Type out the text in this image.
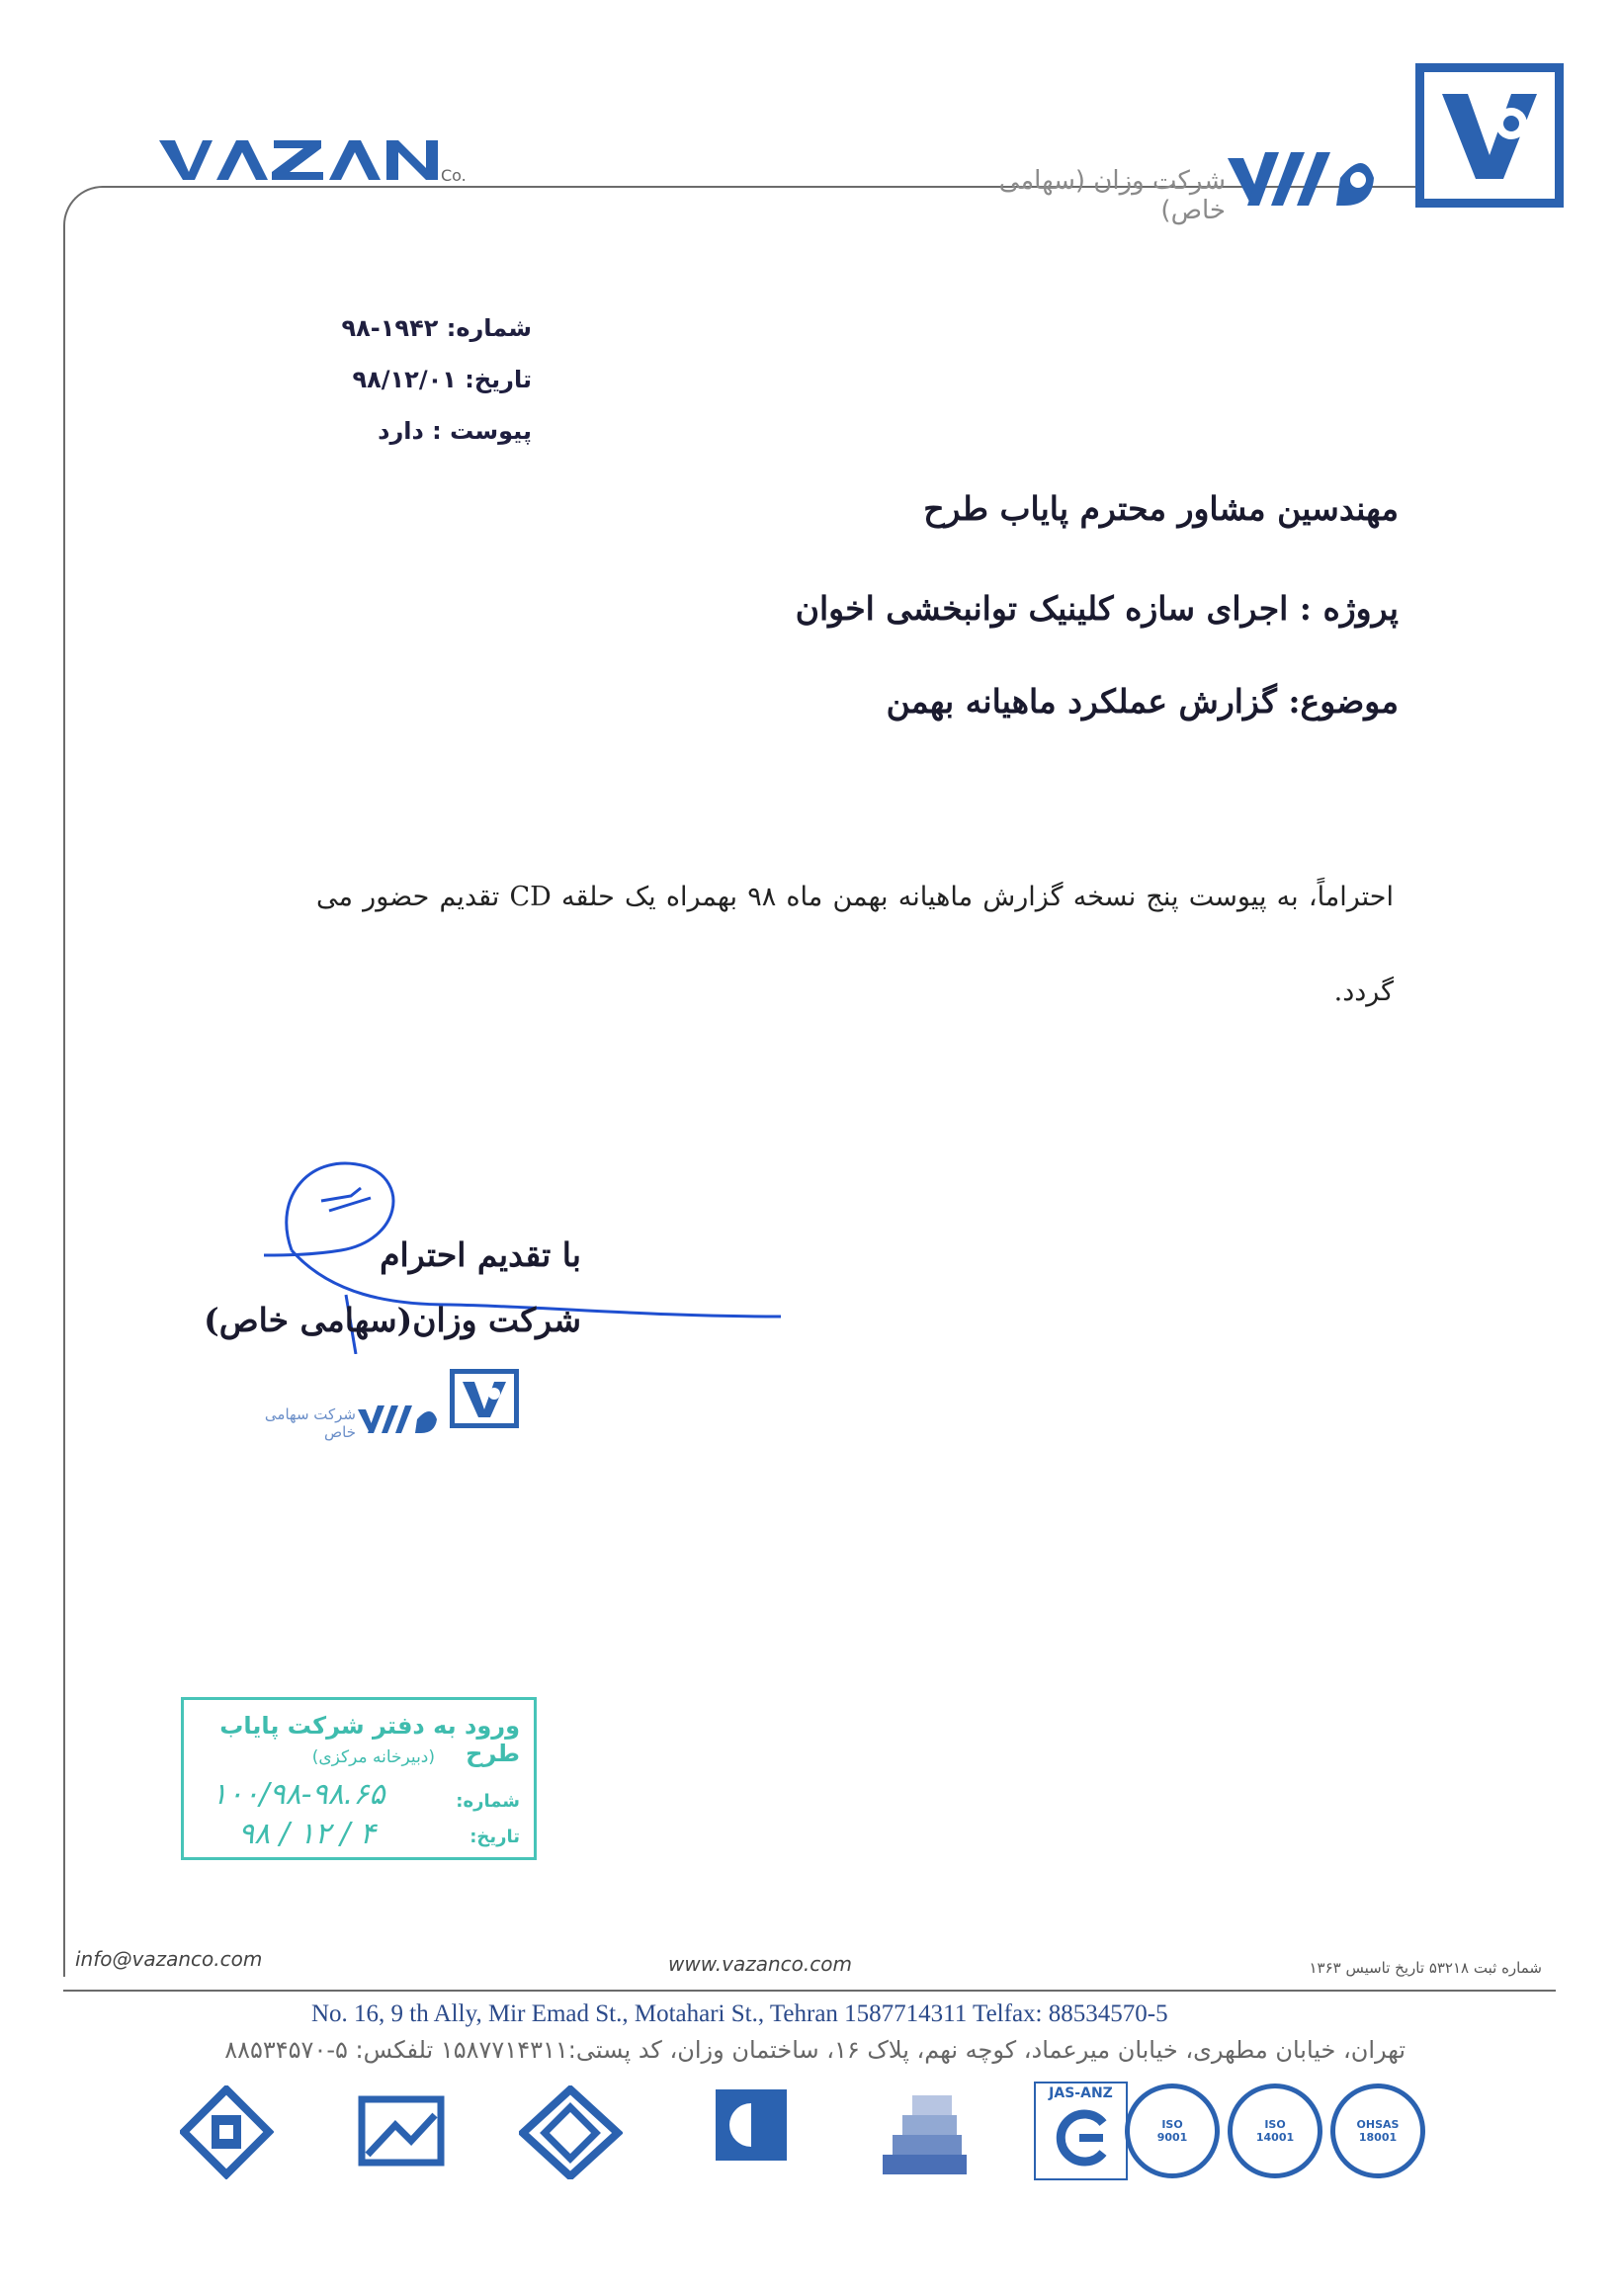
شرکت وزان (سهامی خاص)
Co.
شماره: ۱۹۴۲-۹۸
تاریخ: ۹۸/۱۲/۰۱
پیوست : دارد
مهندسین مشاور محترم پایاب طرح
پروژه : اجرای سازه کلینیک توانبخشی اخوان
موضوع: گزارش عملکرد ماهیانه بهمن
احتراماً، به پیوست پنج نسخه گزارش ماهیانه بهمن ماه ۹۸ بهمراه یک حلقه CD تقدیم حضور می گردد.
با تقدیم احترام
شرکت وزان(سهامی خاص)
شرکت سهامی خاص
ورود به دفتر شرکت پایاب طرح
(دبیرخانه مرکزی)
شماره:
تاریخ:
۱۰۰/۹۸-۹۸.۶۵
۹۸ / ۱۲ / ۴
info@vazanco.com	www.vazanco.com	شماره ثبت ۵۳۲۱۸ تاریخ تاسیس ۱۳۶۳
No. 16, 9 th Ally, Mir Emad St., Motahari St., Tehran 1587714311 Telfax: 88534570-5
تهران، خیابان مطهری، خیابان میرعماد، کوچه نهم، پلاک ۱۶، ساختمان وزان، کد پستی:۱۵۸۷۷۱۴۳۱۱ تلفکس: ۵-۸۸۵۳۴۵۷۰
JAS-ANZ
ISO 9001
ISO 14001
OHSAS 18001
